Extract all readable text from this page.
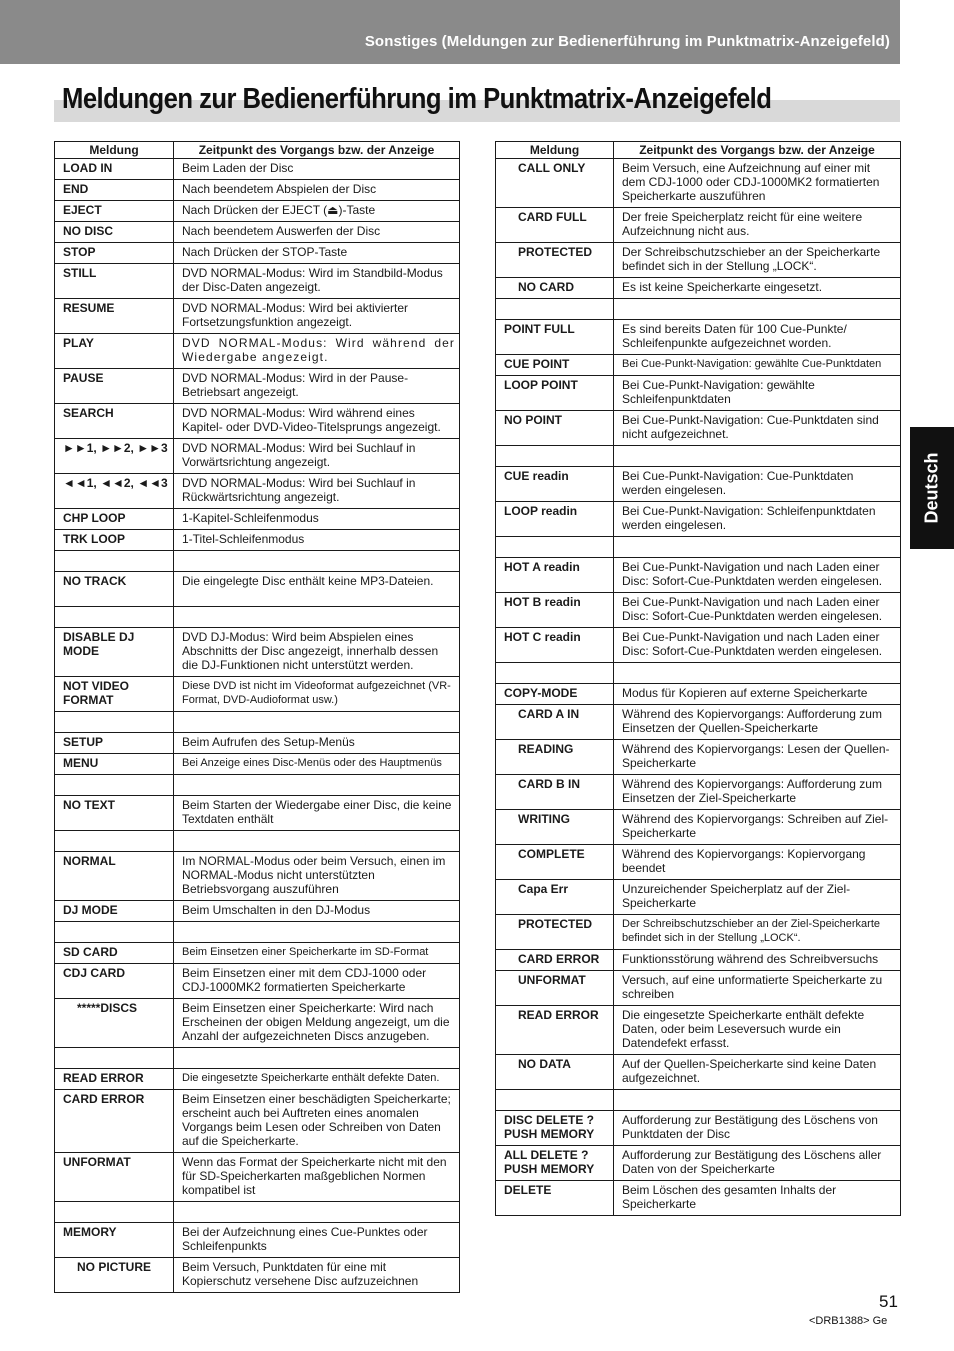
Sonstiges (Meldungen zur Bedienerführung im Punktmatrix-Anzeigefeld)
Meldungen zur Bedienerführung im Punktmatrix-Anzeigefeld
Meldung	Zeitpunkt des Vorgangs bzw. der Anzeige
LOAD IN	Beim Laden der Disc
END	Nach beendetem Abspielen der Disc
EJECT	Nach Drücken der EJECT (⏏)-Taste
NO DISC	Nach beendetem Auswerfen der Disc
STOP	Nach Drücken der STOP-Taste
STILL	DVD NORMAL-Modus: Wird im Standbild-Modus der Disc-Daten angezeigt.
RESUME	DVD NORMAL-Modus: Wird bei aktivierter Fortsetzungsfunktion angezeigt.
PLAY	DVD NORMAL-Modus: Wird während der Wiedergabe angezeigt.
PAUSE	DVD NORMAL-Modus: Wird in der Pause-Betriebsart angezeigt.
SEARCH	DVD NORMAL-Modus: Wird während eines Kapitel- oder DVD-Video-Titelsprungs angezeigt.
►►1, ►►2, ►►3	DVD NORMAL-Modus: Wird bei Suchlauf in Vorwärtsrichtung angezeigt.
◄◄1, ◄◄2, ◄◄3	DVD NORMAL-Modus: Wird bei Suchlauf in Rückwärtsrichtung angezeigt.
CHP LOOP	1-Kapitel-Schleifenmodus
TRK LOOP	1-Titel-Schleifenmodus

NO TRACK	Die eingelegte Disc enthält keine MP3-Dateien.

DISABLE DJ MODE	DVD DJ-Modus: Wird beim Abspielen eines Abschnitts der Disc angezeigt, innerhalb dessen die DJ-Funktionen nicht unterstützt werden.
NOT VIDEO FORMAT	Diese DVD ist nicht im Videoformat aufgezeichnet (VR-Format, DVD-Audioformat usw.)

SETUP	Beim Aufrufen des Setup-Menüs
MENU	Bei Anzeige eines Disc-Menüs oder des Hauptmenüs

NO TEXT	Beim Starten der Wiedergabe einer Disc, die keine Textdaten enthält

NORMAL	Im NORMAL-Modus oder beim Versuch, einen im NORMAL-Modus nicht unterstützten Betriebsvorgang auszuführen
DJ MODE	Beim Umschalten in den DJ-Modus

SD CARD	Beim Einsetzen einer Speicherkarte im SD-Format
CDJ CARD	Beim Einsetzen einer mit dem CDJ-1000 oder CDJ-1000MK2 formatierten Speicherkarte
*****DISCS	Beim Einsetzen einer Speicherkarte: Wird nach Erscheinen der obigen Meldung angezeigt, um die Anzahl der aufgezeichneten Discs anzugeben.

READ ERROR	Die eingesetzte Speicherkarte enthält defekte Daten.
CARD ERROR	Beim Einsetzen einer beschädigten Speicherkarte; erscheint auch bei Auftreten eines anomalen Vorgangs beim Lesen oder Schreiben von Daten auf die Speicherkarte.
UNFORMAT	Wenn das Format der Speicherkarte nicht mit den für SD-Speicherkarten maßgeblichen Normen kompatibel ist

MEMORY	Bei der Aufzeichnung eines Cue-Punktes oder Schleifenpunkts
NO PICTURE	Beim Versuch, Punktdaten für eine mit Kopierschutz versehene Disc aufzuzeichnen
Meldung	Zeitpunkt des Vorgangs bzw. der Anzeige
CALL ONLY	Beim Versuch, eine Aufzeichnung auf einer mit dem CDJ-1000 oder CDJ-1000MK2 formatierten Speicherkarte auszuführen
CARD FULL	Der freie Speicherplatz reicht für eine weitere Aufzeichnung nicht aus.
PROTECTED	Der Schreibschutzschieber an der Speicherkarte befindet sich in der Stellung „LOCK“.
NO CARD	Es ist keine Speicherkarte eingesetzt.

POINT FULL	Es sind bereits Daten für 100 Cue-Punkte/ Schleifenpunkte aufgezeichnet worden.
CUE POINT	Bei Cue-Punkt-Navigation: gewählte Cue-Punktdaten
LOOP POINT	Bei Cue-Punkt-Navigation: gewählte Schleifenpunktdaten
NO POINT	Bei Cue-Punkt-Navigation: Cue-Punktdaten sind nicht aufgezeichnet.

CUE readin	Bei Cue-Punkt-Navigation: Cue-Punktdaten werden eingelesen.
LOOP readin	Bei Cue-Punkt-Navigation: Schleifenpunktdaten werden eingelesen.

HOT A readin	Bei Cue-Punkt-Navigation und nach Laden einer Disc: Sofort-Cue-Punktdaten werden eingelesen.
HOT B readin	Bei Cue-Punkt-Navigation und nach Laden einer Disc: Sofort-Cue-Punktdaten werden eingelesen.
HOT C readin	Bei Cue-Punkt-Navigation und nach Laden einer Disc: Sofort-Cue-Punktdaten werden eingelesen.

COPY-MODE	Modus für Kopieren auf externe Speicherkarte
CARD A IN	Während des Kopiervorgangs: Aufforderung zum Einsetzen der Quellen-Speicherkarte
READING	Während des Kopiervorgangs: Lesen der Quellen-Speicherkarte
CARD B IN	Während des Kopiervorgangs: Aufforderung zum Einsetzen der Ziel-Speicherkarte
WRITING	Während des Kopiervorgangs: Schreiben auf Ziel-Speicherkarte
COMPLETE	Während des Kopiervorgangs: Kopiervorgang beendet
Capa Err	Unzureichender Speicherplatz auf der Ziel-Speicherkarte
PROTECTED	Der Schreibschutzschieber an der Ziel-Speicherkarte befindet sich in der Stellung „LOCK“.
CARD ERROR	Funktionsstörung während des Schreibversuchs
UNFORMAT	Versuch, auf eine unformatierte Speicherkarte zu schreiben
READ ERROR	Die eingesetzte Speicherkarte enthält defekte Daten, oder beim Leseversuch wurde ein Datendefekt erfasst.
NO DATA	Auf der Quellen-Speicherkarte sind keine Daten aufgezeichnet.

DISC DELETE ? PUSH MEMORY	Aufforderung zur Bestätigung des Löschens von Punktdaten der Disc
ALL DELETE ? PUSH MEMORY	Aufforderung zur Bestätigung des Löschens aller Daten von der Speicherkarte
DELETE	Beim Löschen des gesamten Inhalts der Speicherkarte
Deutsch
51
<DRB1388> Ge
